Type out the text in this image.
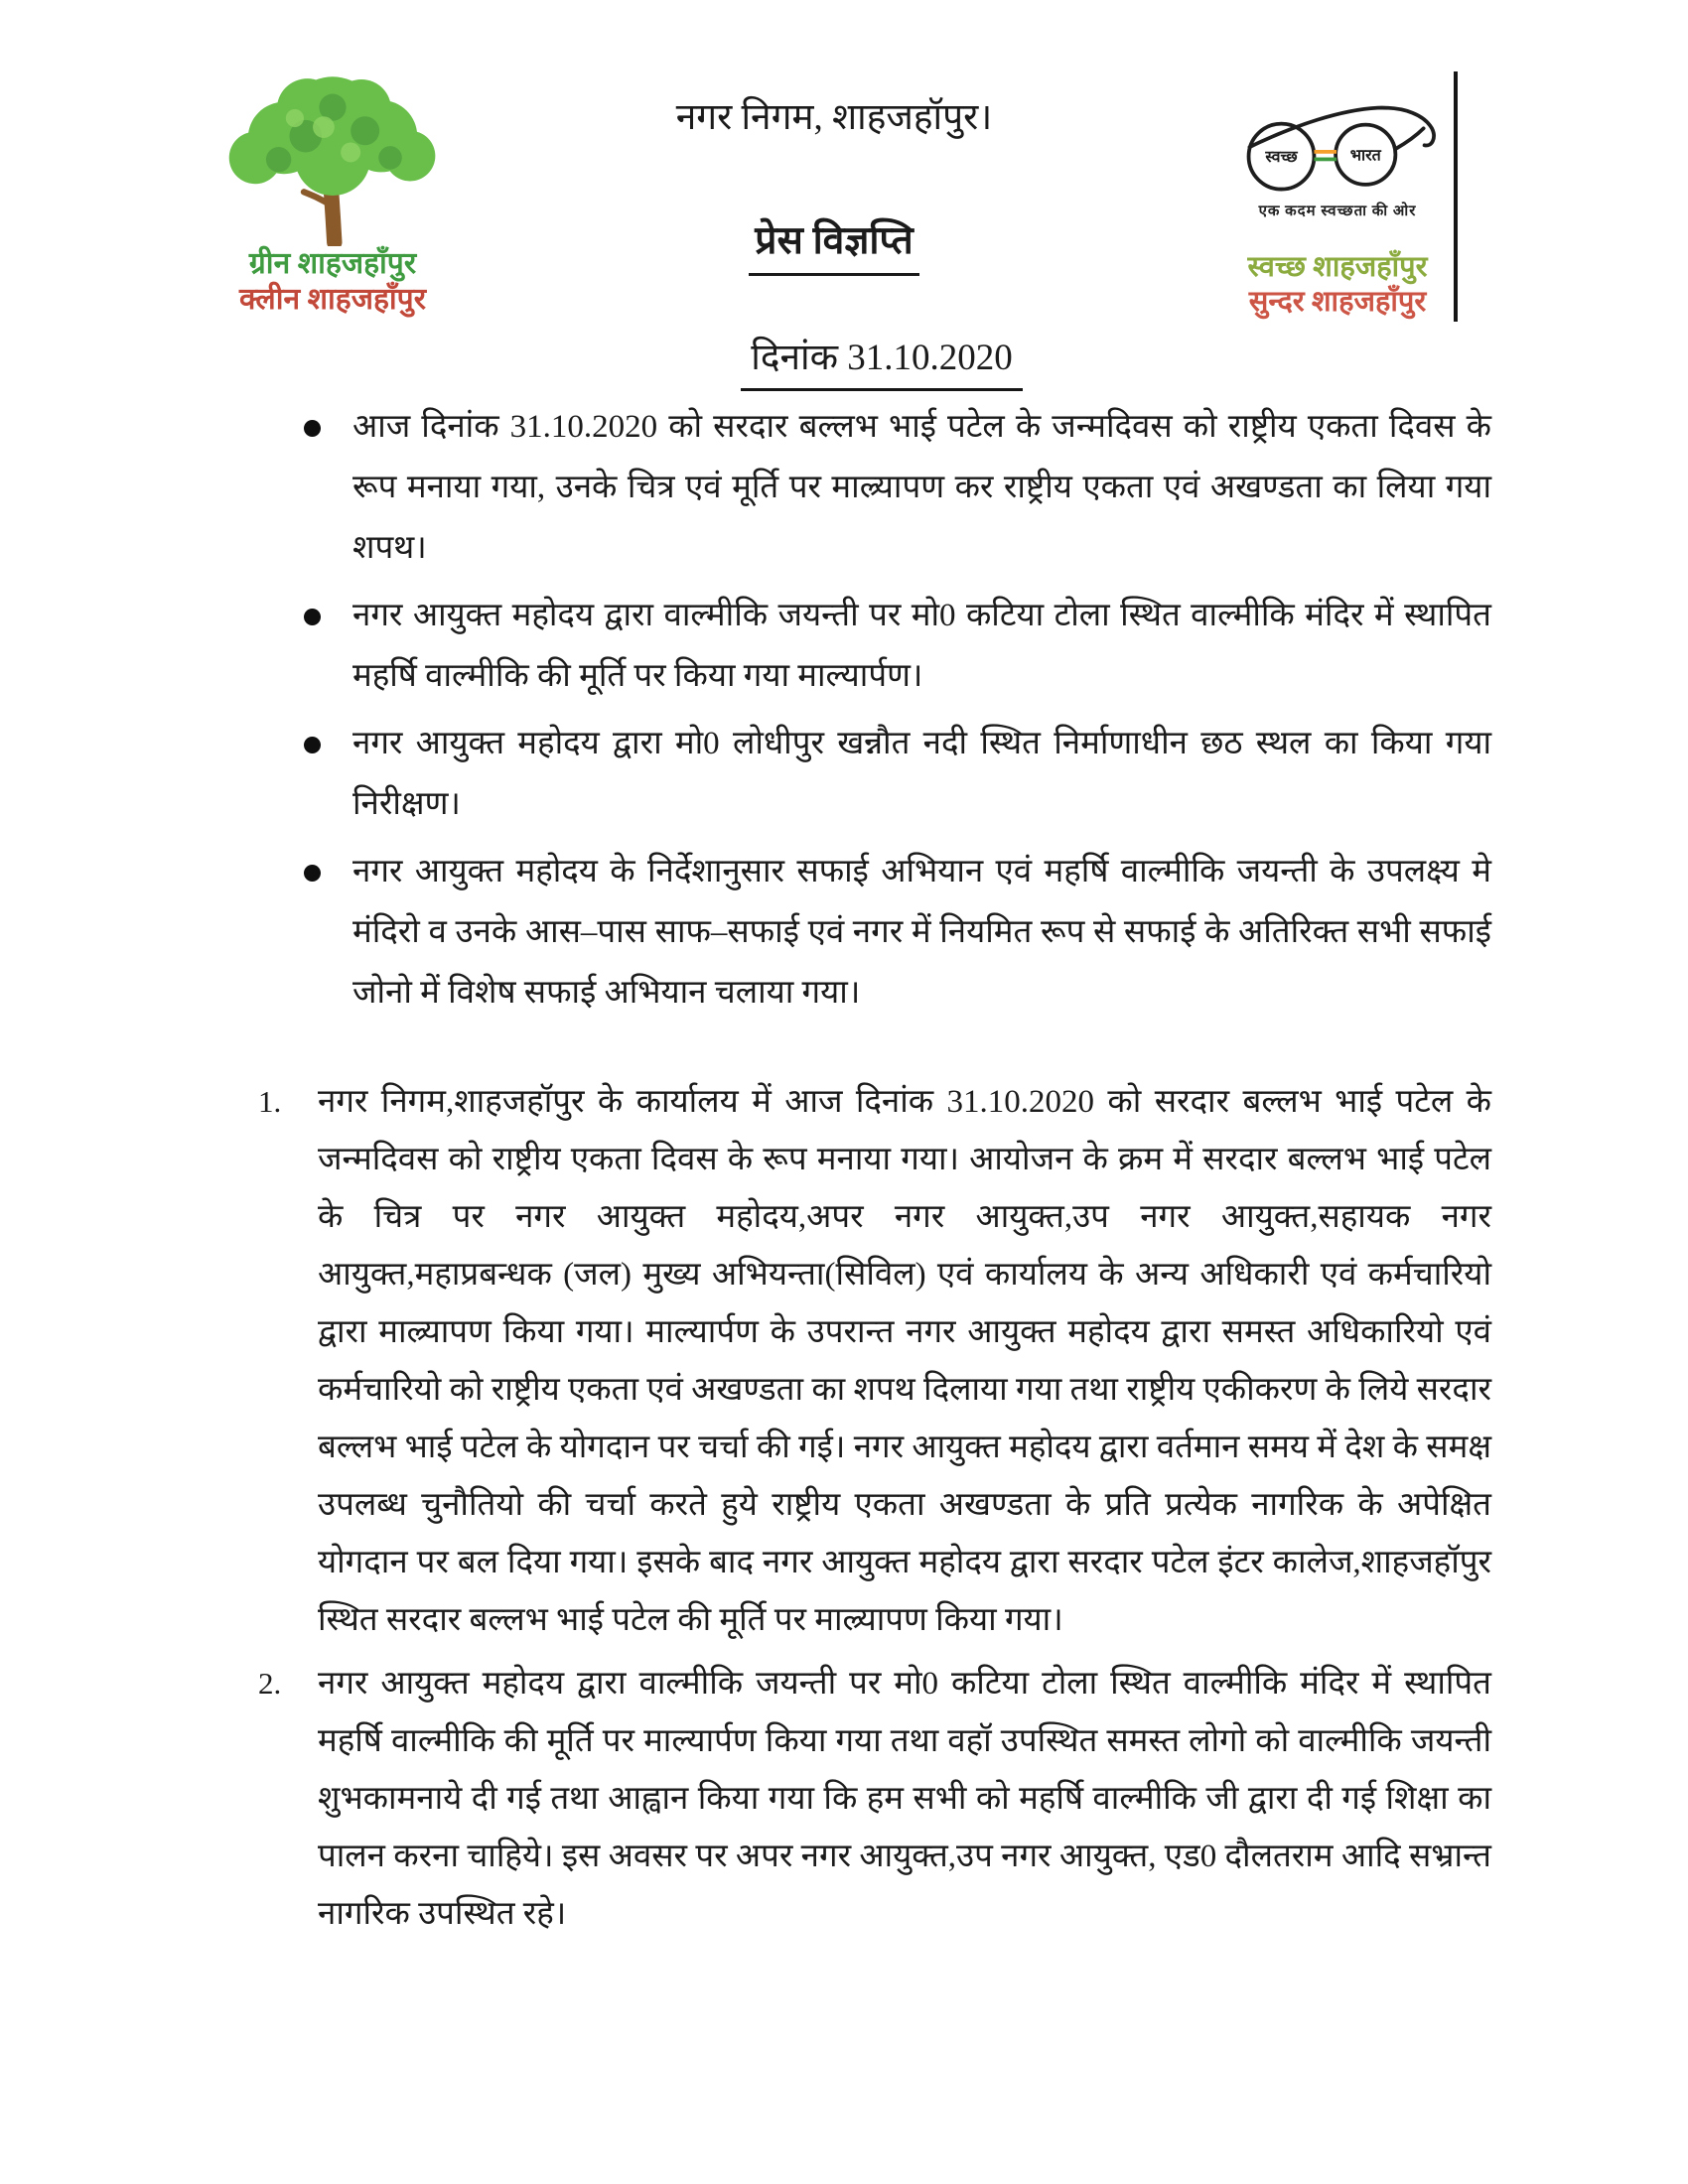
ग्रीन शाहजहाँपुर
क्लीन शाहजहाँपुर
नगर निगम, शाहजहॉपुर।
प्रेस विज्ञप्ति
स्वच्छ	भारत
एक कदम स्वच्छता की ओर
स्वच्छ शाहजहाँपुर
सुन्दर शाहजहाँपुर
दिनांक 31.10.2020
आज दिनांक 31.10.2020 को सरदार बल्लभ भाई पटेल के जन्मदिवस को राष्ट्रीय एकता दिवस के रूप मनाया गया, उनके चित्र एवं मूर्ति पर माल्र्यापण कर राष्ट्रीय एकता एवं अखण्डता का लिया गया शपथ।
नगर आयुक्त महोदय द्वारा वाल्मीकि जयन्ती पर मो0 कटिया टोला स्थित वाल्मीकि मंदिर में स्थापित महर्षि वाल्मीकि की मूर्ति पर किया गया माल्यार्पण।
नगर आयुक्त महोदय द्वारा मो0 लोधीपुर खन्नौत नदी स्थित निर्माणाधीन छठ स्थल का किया गया निरीक्षण।
नगर आयुक्त महोदय के निर्देशानुसार सफाई अभियान एवं महर्षि वाल्मीकि जयन्ती के उपलक्ष्य मे मंदिरो व उनके आस–पास साफ–सफाई एवं नगर में नियमित रूप से सफाई के अतिरिक्त सभी सफाई जोनो में विशेष सफाई अभियान चलाया गया।
1. नगर निगम,शाहजहॉपुर के कार्यालय में आज दिनांक 31.10.2020 को सरदार बल्लभ भाई पटेल के जन्मदिवस को राष्ट्रीय एकता दिवस के रूप मनाया गया। आयोजन के क्रम में सरदार बल्लभ भाई पटेल के चित्र पर नगर आयुक्त महोदय,अपर नगर आयुक्त,उप नगर आयुक्त,सहायक नगर आयुक्त,महाप्रबन्धक (जल) मुख्य अभियन्ता(सिविल) एवं कार्यालय के अन्य अधिकारी एवं कर्मचारियो द्वारा माल्र्यापण किया गया। माल्यार्पण के उपरान्त नगर आयुक्त महोदय द्वारा समस्त अधिकारियो एवं कर्मचारियो को राष्ट्रीय एकता एवं अखण्डता का शपथ दिलाया गया तथा राष्ट्रीय एकीकरण के लिये सरदार बल्लभ भाई पटेल के योगदान पर चर्चा की गई। नगर आयुक्त महोदय द्वारा वर्तमान समय में देश के समक्ष उपलब्ध चुनौतियो की चर्चा करते हुये राष्ट्रीय एकता अखण्डता के प्रति प्रत्येक नागरिक के अपेक्षित योगदान पर बल दिया गया। इसके बाद नगर आयुक्त महोदय द्वारा सरदार पटेल इंटर कालेज,शाहजहॉपुर स्थित सरदार बल्लभ भाई पटेल की मूर्ति पर माल्र्यापण किया गया।
2. नगर आयुक्त महोदय द्वारा वाल्मीकि जयन्ती पर मो0 कटिया टोला स्थित वाल्मीकि मंदिर में स्थापित महर्षि वाल्मीकि की मूर्ति पर माल्यार्पण किया गया तथा वहॉ उपस्थित समस्त लोगो को वाल्मीकि जयन्ती शुभकामनाये दी गई तथा आह्वान किया गया कि हम सभी को महर्षि वाल्मीकि जी द्वारा दी गई शिक्षा का पालन करना चाहिये। इस अवसर पर अपर नगर आयुक्त,उप नगर आयुक्त, एड0 दौलतराम आदि सभ्रान्त नागरिक उपस्थित रहे।
